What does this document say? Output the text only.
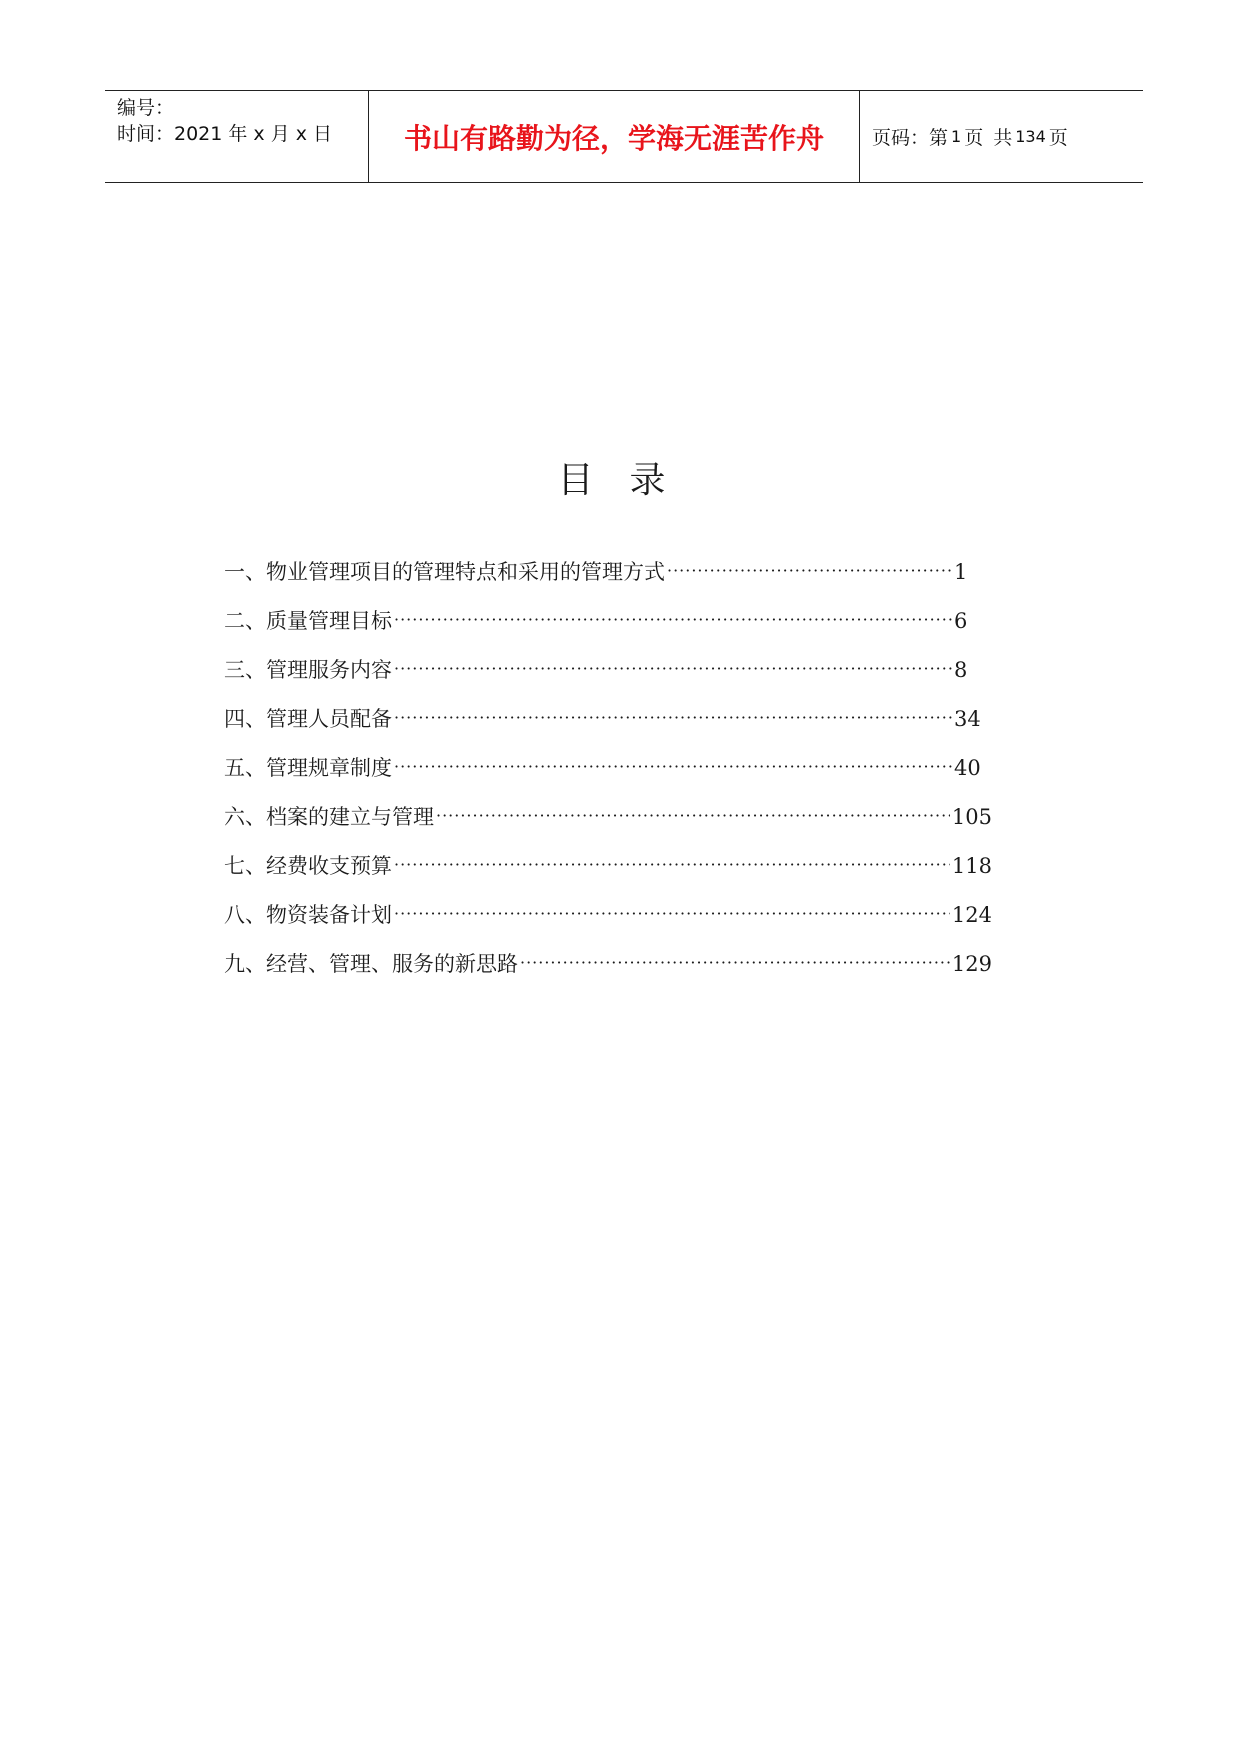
编号：
时间：2021 年 x 月 x 日	书山有路勤为径，学海无涯苦作舟	页码：第 1 页 共 134 页
目录
一、物业管理项目的管理特点和采用的管理方式 ·····	1
二、质量管理目标 ·····	6
三、管理服务内容 ·····	8
四、管理人员配备 ·····	34
五、管理规章制度 ·····	40
六、档案的建立与管理 ·····	105
七、经费收支预算 ·····	118
八、物资装备计划 ·····	124
九、经营、管理、服务的新思路 ·····	129
